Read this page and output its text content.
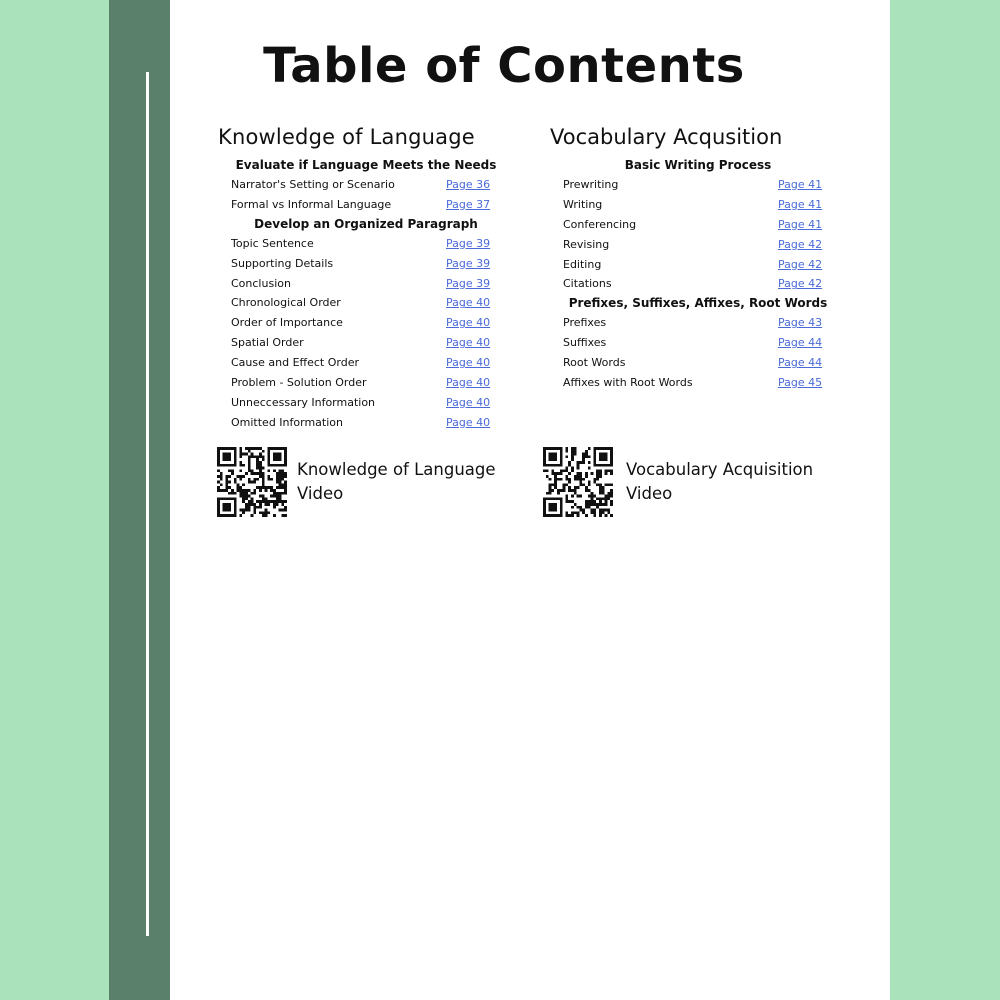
Table of Contents
Knowledge of Language
Evaluate if Language Meets the Needs
Narrator's Setting or Scenario	Page 36
Formal vs Informal Language	Page 37
Develop an Organized Paragraph
Topic Sentence	Page 39
Supporting Details	Page 39
Conclusion	Page 39
Chronological Order	Page 40
Order of Importance	Page 40
Spatial Order	Page 40
Cause and Effect Order	Page 40
Problem - Solution Order	Page 40
Unneccessary Information	Page 40
Omitted Information	Page 40
Vocabulary Acqusition
Basic Writing Process
Prewriting	Page 41
Writing	Page 41
Conferencing	Page 41
Revising	Page 42
Editing	Page 42
Citations	Page 42
Prefixes, Suffixes, Affixes, Root Words
Prefixes	Page 43
Suffixes	Page 44
Root Words	Page 44
Affixes with Root Words	Page 45
Knowledge of Language
Video
Vocabulary Acquisition
Video
